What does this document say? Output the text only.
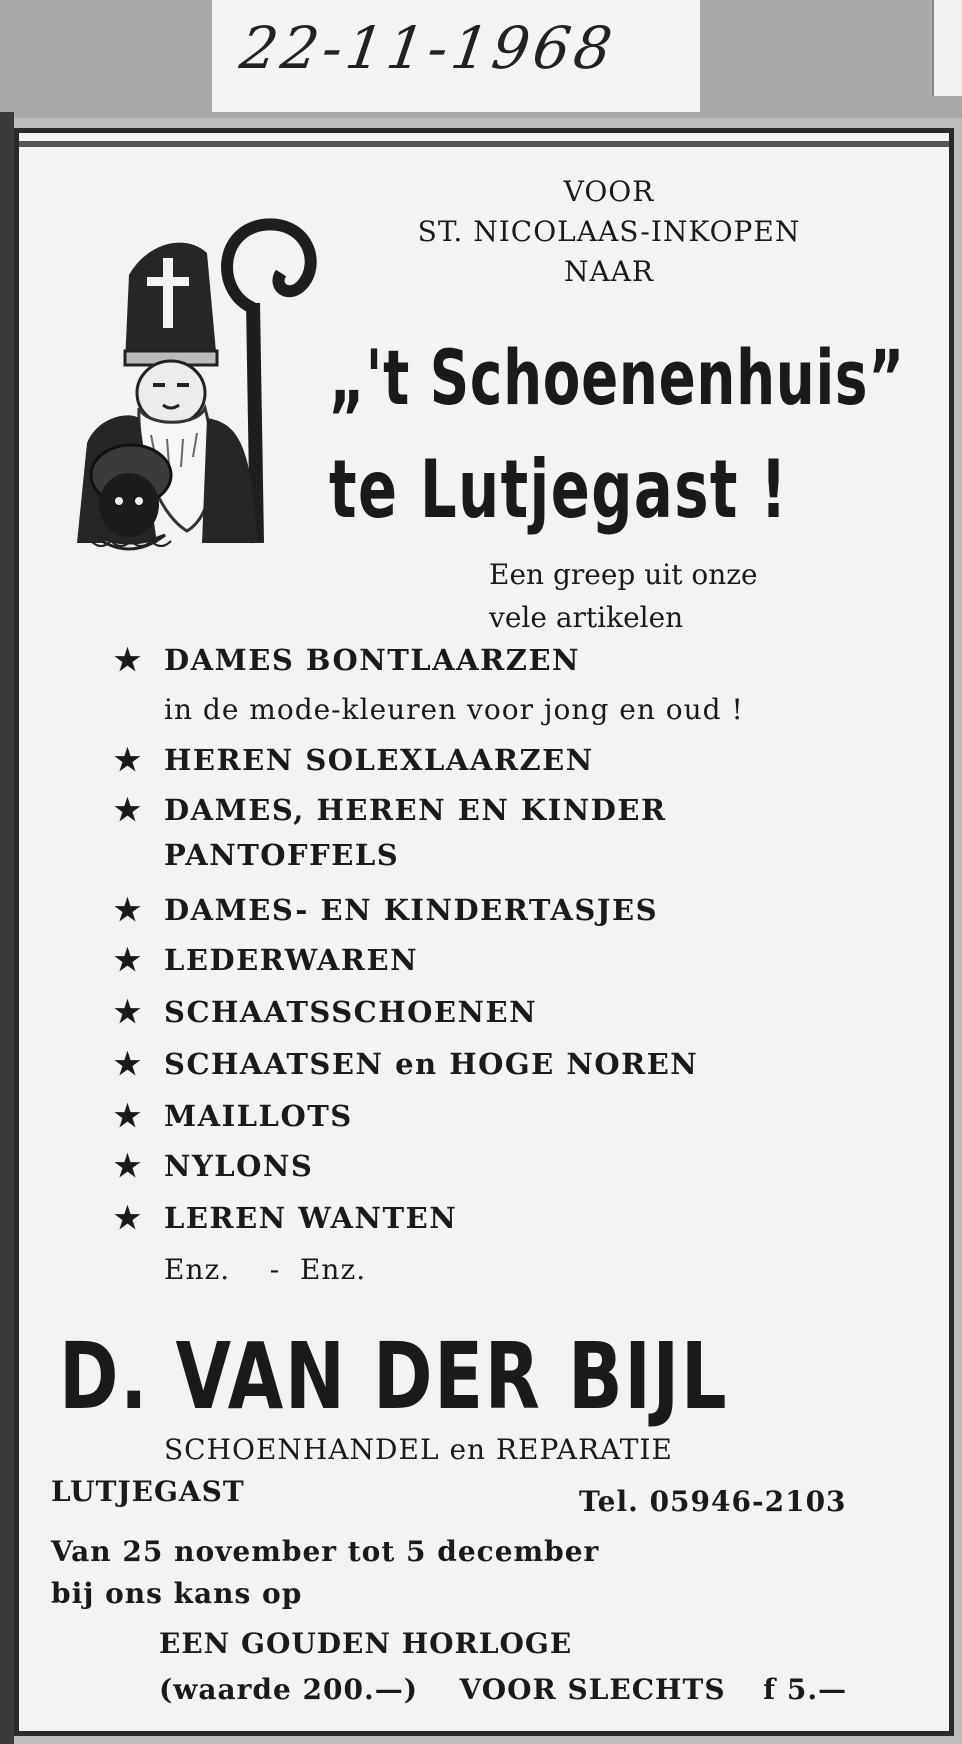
22-11-1968
VOOR
ST. NICOLAAS-INKOPEN
NAAR
„'t Schoenenhuis”
te Lutjegast !
Een greep uit onze
vele artikelen
★ DAMES BONTLAARZEN
in de mode-kleuren voor jong en oud !
★ HEREN SOLEXLAARZEN
★ DAMES, HEREN EN KINDER
PANTOFFELS
★ DAMES- EN KINDERTASJES
★ LEDERWAREN
★ SCHAATSSCHOENEN
★ SCHAATSEN en HOGE NOREN
★ MAILLOTS
★ NYLONS
★ LEREN WANTEN
Enz.    -  Enz.
D. VAN DER BIJL
SCHOENHANDEL en REPARATIE
LUTJEGAST	Tel. 05946-2103
Van 25 november tot 5 december
bij ons kans op
EEN GOUDEN HORLOGE
(waarde 200.—) VOOR SLECHTS f 5.—
